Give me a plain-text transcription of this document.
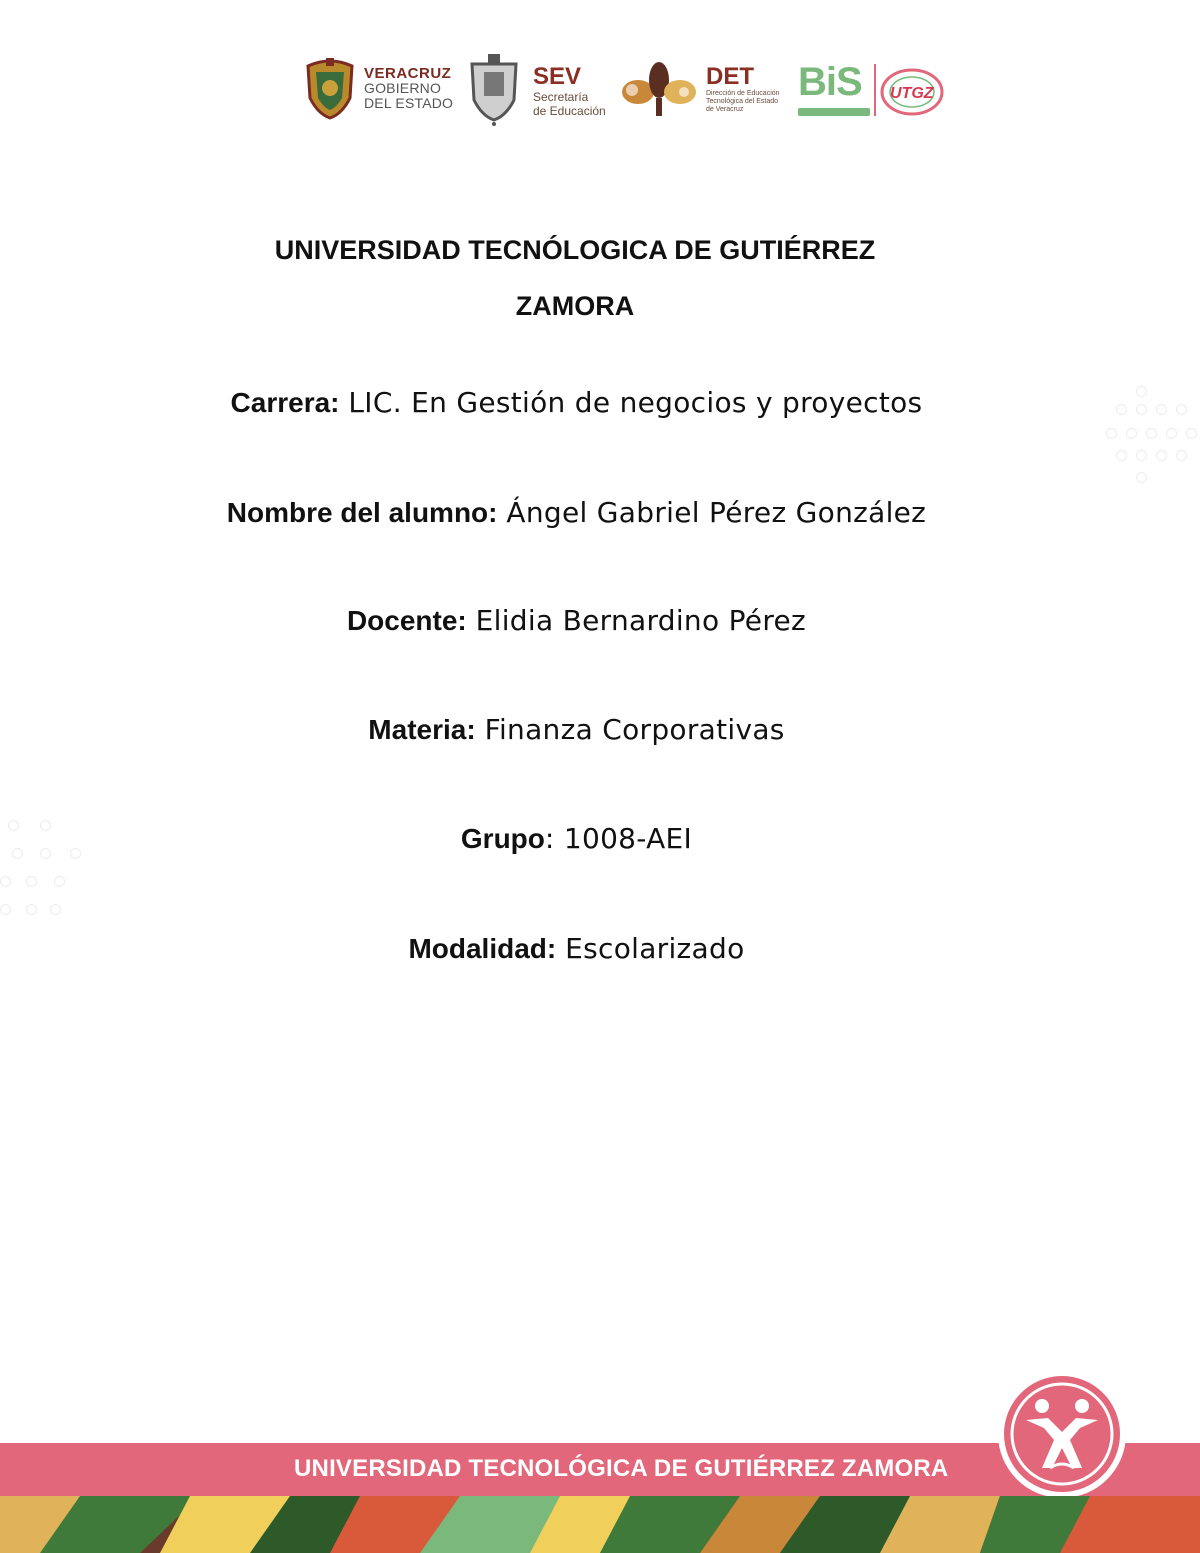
VERACRUZ
GOBIERNO
DEL ESTADO
SEV
Secretaría
de Educación
DET
Dirección de Educación
Tecnológica del Estado
de Veracruz
BiS UTGZ
UNIVERSIDAD TECNÓLOGICA DE GUTIÉRREZ
ZAMORA
Carrera: LIC. En Gestión de negocios y proyectos
Nombre del alumno: Ángel Gabriel Pérez González
Docente: Elidia Bernardino Pérez
Materia: Finanza Corporativas
Grupo: 1008-AEI
Modalidad: Escolarizado
UNIVERSIDAD TECNOLÓGICA DE GUTIÉRREZ ZAMORA
